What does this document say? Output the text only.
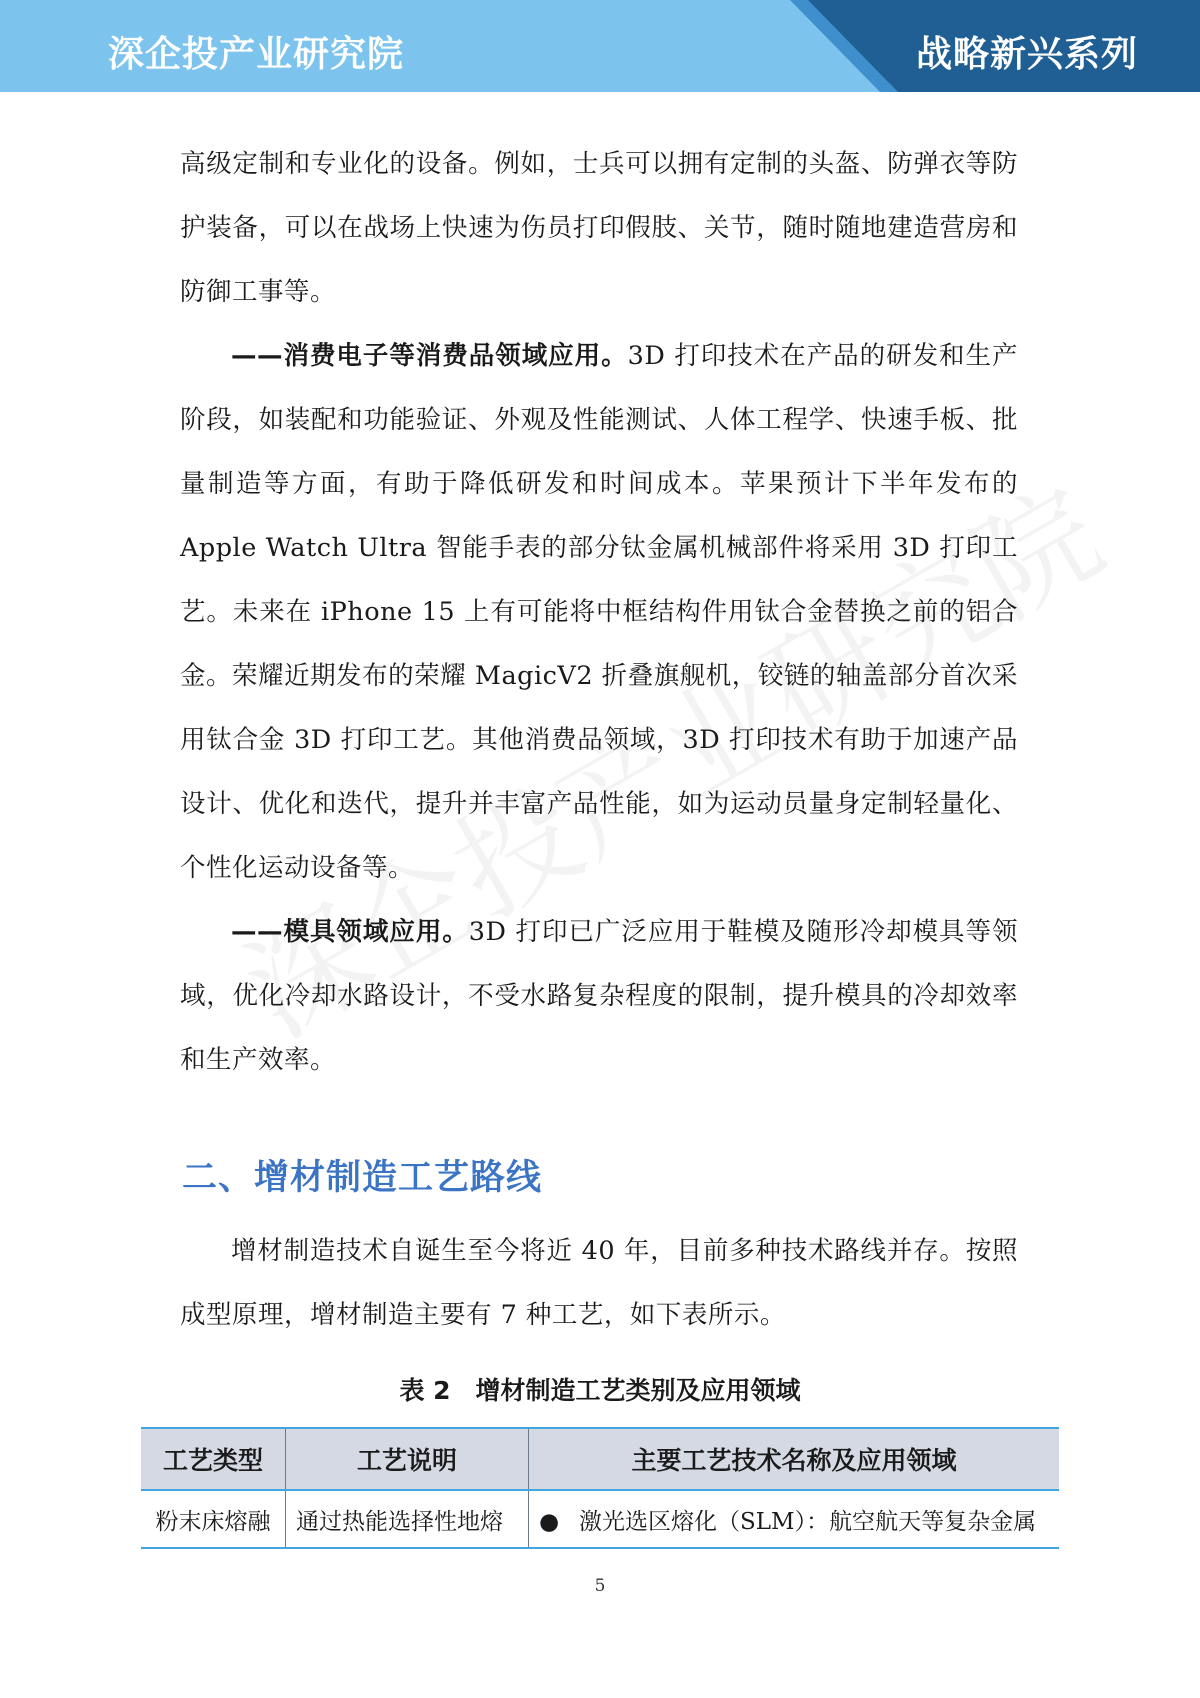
深企投产业研究院	战略新兴系列

高级定制和专业化的设备。例如，士兵可以拥有定制的头盔、防弹衣等防护装备，可以在战场上快速为伤员打印假肢、关节，随时随地建造营房和防御工事等。

——消费电子等消费品领域应用。3D 打印技术在产品的研发和生产阶段，如装配和功能验证、外观及性能测试、人体工程学、快速手板、批量制造等方面，有助于降低研发和时间成本。苹果预计下半年发布的 Apple Watch Ultra 智能手表的部分钛金属机械部件将采用 3D 打印工艺。未来在 iPhone 15 上有可能将中框结构件用钛合金替换之前的铝合金。荣耀近期发布的荣耀 MagicV2 折叠旗舰机，铰链的轴盖部分首次采用钛合金 3D 打印工艺。其他消费品领域，3D 打印技术有助于加速产品设计、优化和迭代，提升并丰富产品性能，如为运动员量身定制轻量化、个性化运动设备等。

——模具领域应用。3D 打印已广泛应用于鞋模及随形冷却模具等领域，优化冷却水路设计，不受水路复杂程度的限制，提升模具的冷却效率和生产效率。

二、增材制造工艺路线

增材制造技术自诞生至今将近 40 年，目前多种技术路线并存。按照成型原理，增材制造主要有 7 种工艺，如下表所示。

表 2　增材制造工艺类别及应用领域
工艺类型	工艺说明	主要工艺技术名称及应用领域
粉末床熔融	通过热能选择性地熔	● 激光选区熔化（SLM）：航空航天等复杂金属
5
